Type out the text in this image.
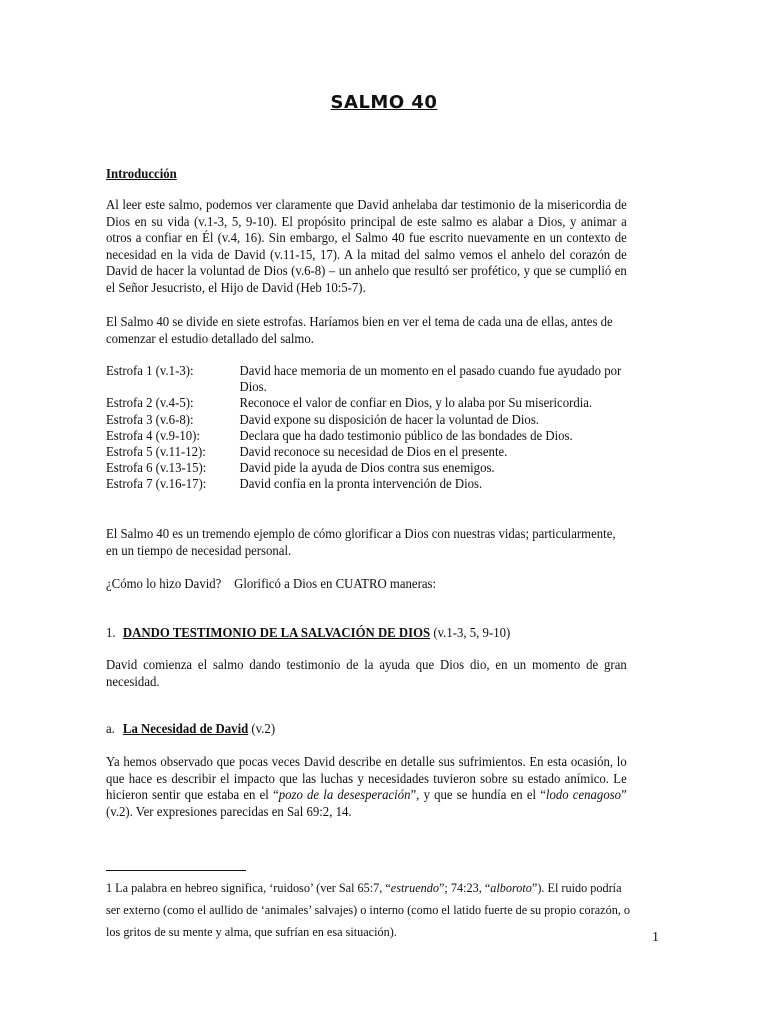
SALMO 40
Introducción
Al leer este salmo, podemos ver claramente que David anhelaba dar testimonio de la misericordia de Dios en su vida (v.1-3, 5, 9-10). El propósito principal de este salmo es alabar a Dios, y animar a otros a confiar en Él (v.4, 16). Sin embargo, el Salmo 40 fue escrito nuevamente en un contexto de necesidad en la vida de David (v.11-15, 17). A la mitad del salmo vemos el anhelo del corazón de David de hacer la voluntad de Dios (v.6-8) – un anhelo que resultó ser profético, y que se cumplió en el Señor Jesucristo, el Hijo de David (Heb 10:5-7).
El Salmo 40 se divide en siete estrofas. Haríamos bien en ver el tema de cada una de ellas, antes de comenzar el estudio detallado del salmo.
Estrofa 1 (v.1-3):	David hace memoria de un momento en el pasado cuando fue ayudado por Dios.
Estrofa 2 (v.4-5):	Reconoce el valor de confiar en Dios, y lo alaba por Su misericordia.
Estrofa 3 (v.6-8):	David expone su disposición de hacer la voluntad de Dios.
Estrofa 4 (v.9-10):	Declara que ha dado testimonio público de las bondades de Dios.
Estrofa 5 (v.11-12):	David reconoce su necesidad de Dios en el presente.
Estrofa 6 (v.13-15):	David pide la ayuda de Dios contra sus enemigos.
Estrofa 7 (v.16-17):	David confía en la pronta intervención de Dios.
El Salmo 40 es un tremendo ejemplo de cómo glorificar a Dios con nuestras vidas; particularmente, en un tiempo de necesidad personal.
¿Cómo lo hizo David?    Glorificó a Dios en CUATRO maneras:
1. DANDO TESTIMONIO DE LA SALVACIÓN DE DIOS (v.1-3, 5, 9-10)
David comienza el salmo dando testimonio de la ayuda que Dios dio, en un momento de gran necesidad.
a. La Necesidad de David (v.2)
Ya hemos observado que pocas veces David describe en detalle sus sufrimientos. En esta ocasión, lo que hace es describir el impacto que las luchas y necesidades tuvieron sobre su estado anímico. Le hicieron sentir que estaba en el “pozo de la desesperación”, y que se hundía en el “lodo cenagoso” (v.2). Ver expresiones parecidas en Sal 69:2, 14.
1 La palabra en hebreo significa, ‘ruidoso’ (ver Sal 65:7, “estruendo”; 74:23, “alboroto”). El ruido podría ser externo (como el aullido de ‘animales’ salvajes) o interno (como el latido fuerte de su propio corazón, o los gritos de su mente y alma, que sufrían en esa situación).	1
